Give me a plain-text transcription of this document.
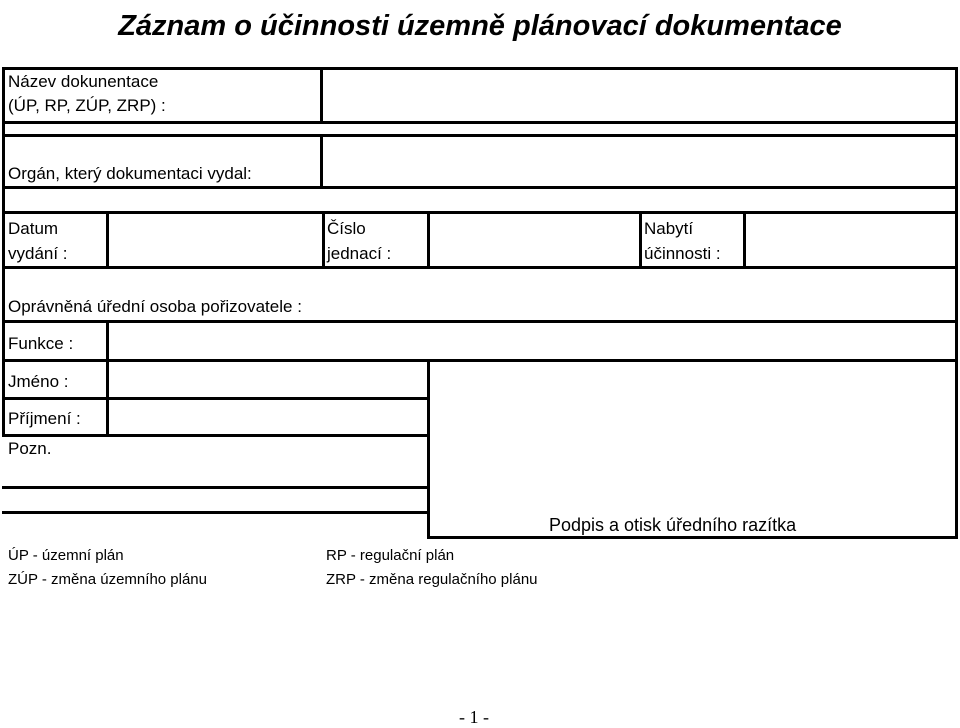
Záznam o účinnosti územně plánovací dokumentace
Název dokunentace
(ÚP, RP, ZÚP, ZRP) :
Orgán, který dokumentaci vydal:
Datum
vydání :
Číslo
jednací :
Nabytí
účinnosti :
Oprávněná úřední osoba pořizovatele :
Funkce :
Jméno :
Příjmení :
Pozn.
Podpis a otisk úředního razítka
ÚP - územní plán
ZÚP - změna územního plánu
RP - regulační plán
ZRP - změna regulačního plánu
- 1 -
